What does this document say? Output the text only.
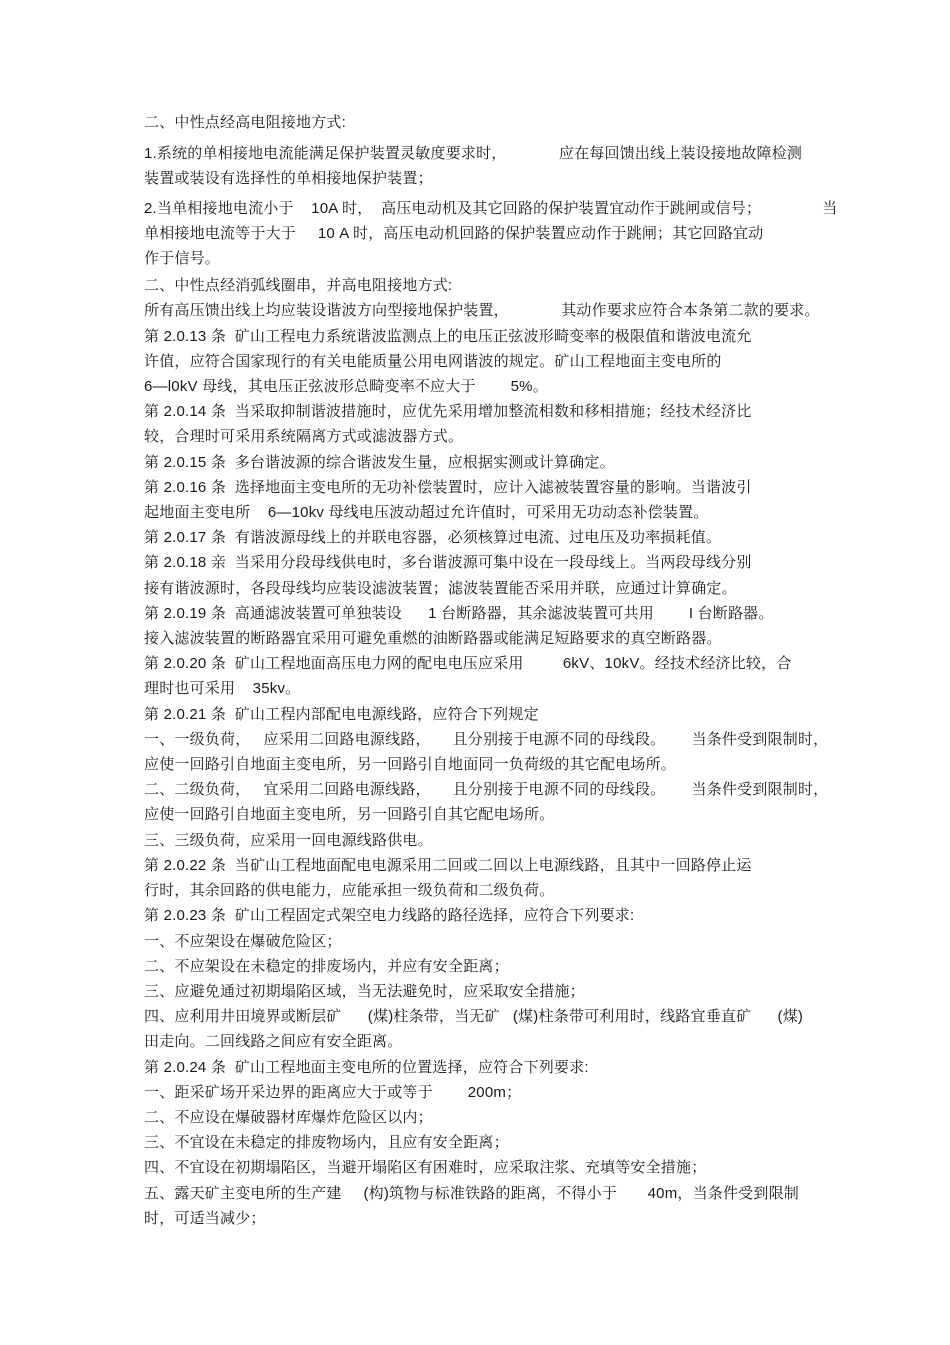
二、中性点经高电阻接地方式:
1.系统的单相接地电流能满足保护装置灵敏度要求时，            应在每回馈出线上装设接地故障检测
装置或装设有选择性的单相接地保护装置；
2.当单相接地电流小于    10A 时，  高压电动机及其它回路的保护装置宜动作于跳闸或信号；              当
单相接地电流等于大于     10 A 时，高压电动机回路的保护装置应动作于跳闸；其它回路宜动
作于信号。
二、中性点经消弧线圈串，并高电阻接地方式:
所有高压馈出线上均应装设谐波方向型接地保护装置，            其动作要求应符合本条第二款的要求。
第 2.0.13 条  矿山工程电力系统谐波监测点上的电压正弦波形畸变率的极限值和谐波电流允
许值，应符合国家现行的有关电能质量公用电网谐波的规定。矿山工程地面主变电所的
6—l0kV 母线，其电压正弦波形总畸变率不应大于        5%。
第 2.0.14 条  当采取抑制谐波措施时，应优先采用增加整流相数和移相措施；经技术经济比
较，合理时可采用系统隔离方式或滤波器方式。
第 2.0.15 条  多台谐波源的综合谐波发生量，应根据实测或计算确定。
第 2.0.16 条  选择地面主变电所的无功补偿装置时，应计入滤被装置容量的影响。当谐波引
起地面主变电所    6—10kv 母线电压波动超过允许值时，可采用无功动态补偿装置。
第 2.0.17 条  有谐波源母线上的并联电容器，必须核算过电流、过电压及功率损耗值。
第 2.0.18 亲  当采用分段母线供电时，多台谐波源可集中设在一段母线上。当两段母线分别
接有谐波源时，各段母线均应装设滤波装置；滤波装置能否采用并联，应通过计算确定。
第 2.0.19 条  高通滤波装置可单独装设      1 台断路器，其余滤波装置可共用        I 台断路器。
接入滤波装置的断路器宜采用可避免重燃的油断路器或能满足短路要求的真空断路器。
第 2.0.20 条  矿山工程地面高压电力网的配电电压应采用         6kV、10kV。经技术经济比较，合
理时也可采用    35kv。
第 2.0.21 条  矿山工程内部配电电源线路，应符合下列规定
一、一级负荷，   应采用二回路电源线路，     且分别接于电源不同的母线段。      当条件受到限制时，
应使一回路引自地面主变电所，另一回路引自地面同一负荷级的其它配电场所。
二、二级负荷，   宜采用二回路电源线路，     且分别接于电源不同的母线段。      当条件受到限制时，
应使一回路引自地面主变电所，另一回路引自其它配电场所。
三、三级负荷，应采用一回电源线路供电。
第 2.0.22 条  当矿山工程地面配电电源采用二回或二回以上电源线路，且其中一回路停止运
行时，其余回路的供电能力，应能承担一级负荷和二级负荷。
第 2.0.23 条  矿山工程固定式架空电力线路的路径选择，应符合下列要求:
一、不应架设在爆破危险区；
二、不应架设在未稳定的排废场内，并应有安全距离；
三、应避免通过初期塌陷区域，当无法避免时，应采取安全措施；
四、应利用井田境界或断层矿      (煤)柱条带，当无矿   (煤)柱条带可利用时，线路宜垂直矿      (煤)
田走向。二回线路之间应有安全距离。
第 2.0.24 条  矿山工程地面主变电所的位置选择，应符合下列要求:
一、距采矿场开采边界的距离应大于或等于        200m；
二、不应设在爆破器材库爆炸危险区以内；
三、不宜设在未稳定的排废物场内，且应有安全距离；
四、不宜设在初期塌陷区，当避开塌陷区有困难时，应采取注浆、充填等安全措施；
五、露天矿主变电所的生产建     (构)筑物与标准铁路的距离，不得小于       40m，当条件受到限制
时，可适当减少；
